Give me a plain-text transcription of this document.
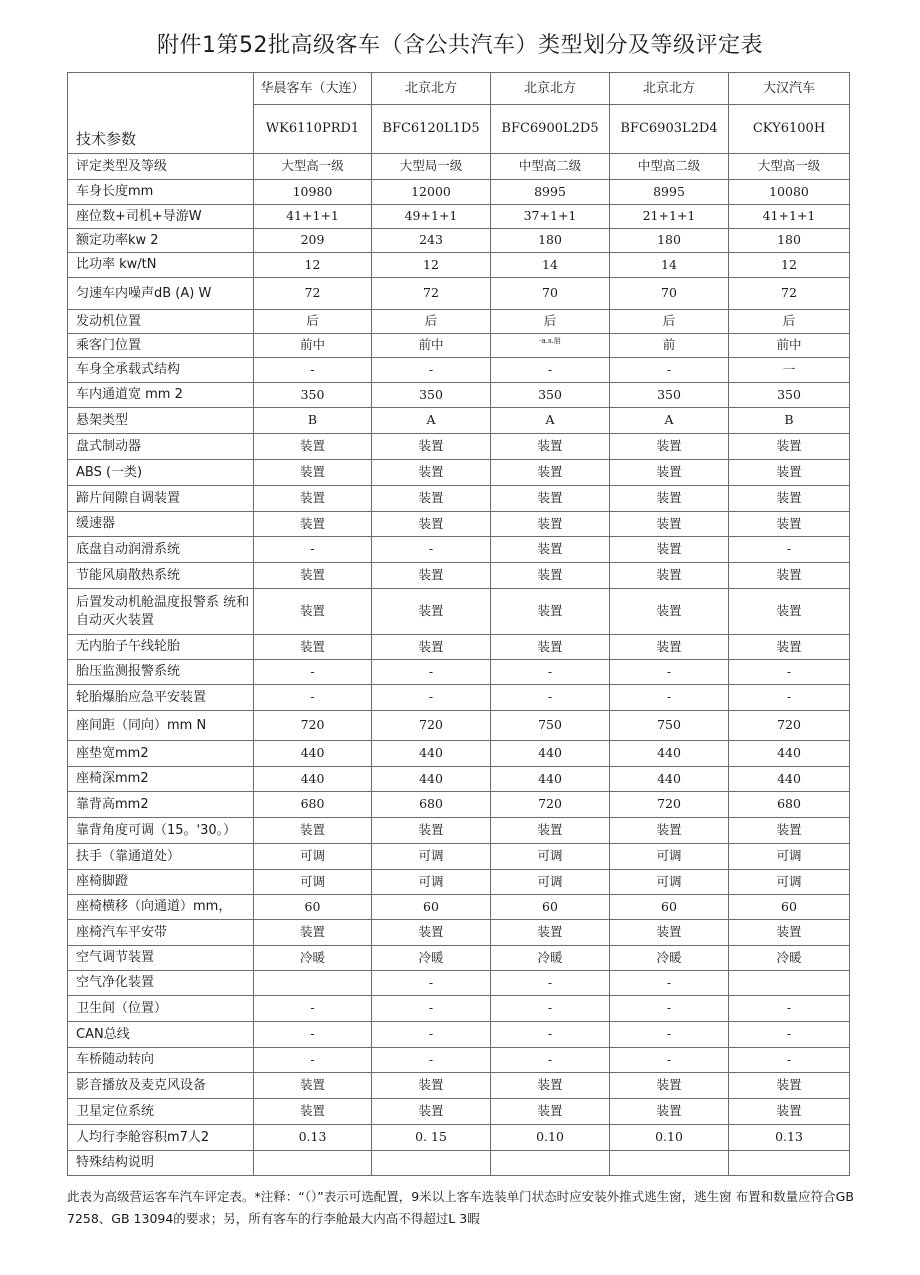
附件1第52批高级客车（含公共汽车）类型划分及等级评定表
技术参数	华晨客车（大连）	北京北方	北京北方	北京北方	大汉汽车
	WK6110PRD1	BFC6120L1D5	BFC6900L2D5	BFC6903L2D4	CKY6100H
评定类型及等级	大型高一级	大型局一级	中型高二级	中型高二级	大型高一级
车身长度mm	10980	12000	8995	8995	10080
座位数+司机+导游W	41+1+1	49+1+1	37+1+1	21+1+1	41+1+1
额定功率kw 2	209	243	180	180	180
比功率 kw/tN	12	12	14	14	12
匀速车内噪声dB (A) W	72	72	70	70	72
发动机位置	后	后	后	后	后
乘客门位置	前中	前中	-a.s.朋	前	前中
车身全承载式结构	-	-	-	-	一
车内通道宽 mm 2	350	350	350	350	350
悬架类型	B	A	A	A	B
盘式制动器	装置	装置	装置	装置	装置
ABS (一类)	装置	装置	装置	装置	装置
蹄片间隙自调装置	装置	装置	装置	装置	装置
缓速器	装置	装置	装置	装置	装置
底盘自动润滑系统	-	-	装置	装置	-
节能风扇散热系统	装置	装置	装置	装置	装置
后置发动机舱温度报警系 统和自动灭火装置	装置	装置	装置	装置	装置
无内胎子午线轮胎	装置	装置	装置	装置	装置
胎压监测报警系统	-	-	-	-	-
轮胎爆胎应急平安装置	-	-	-	-	-
座间距（同向）mm N	720	720	750	750	720
座垫宽mm2	440	440	440	440	440
座椅深mm2	440	440	440	440	440
靠背高mm2	680	680	720	720	680
靠背角度可调（15。'30。）	装置	装置	装置	装置	装置
扶手（靠通道处）	可调	可调	可调	可调	可调
座椅脚蹬	可调	可调	可调	可调	可调
座椅横移（向通道）mm，	60	60	60	60	60
座椅汽车平安带	装置	装置	装置	装置	装置
空气调节装置	冷暖	冷暖	冷暖	冷暖	冷暖
空气净化装置		-	-	-	
卫生间（位置）	-	-	-	-	-
CAN总线	-	-	-	-	-
车桥随动转向	-	-	-	-	-
影音播放及麦克风设备	装置	装置	装置	装置	装置
卫星定位系统	装置	装置	装置	装置	装置
人均行李舱容积m7人2	0.13	0. 15	0.10	0.10	0.13
特殊结构说明					
此表为高级营运客车汽车评定表。*注释：“（）”表示可选配置，9米以上客车选装单门状态时应安装外推式逃生窗，逃生窗 布置和数量应符合GB 7258、GB 13094的要求；另，所有客车的行李舱最大内高不得超过L 3暇
